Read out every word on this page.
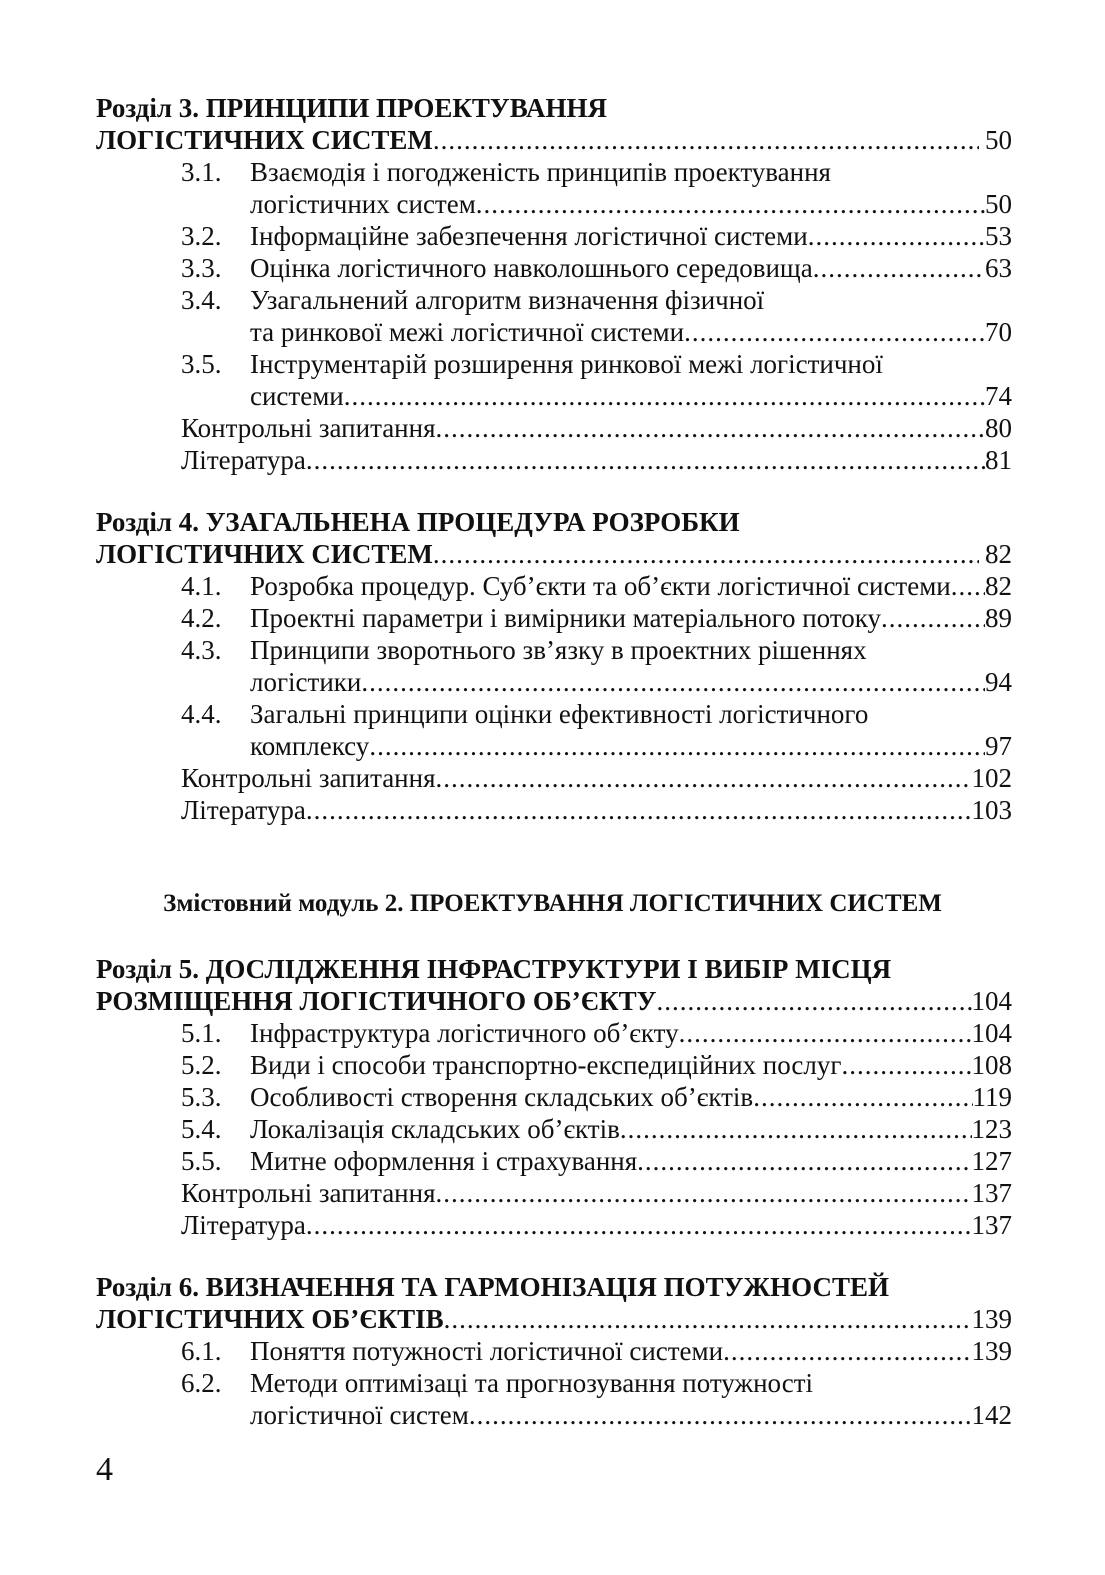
Розділ 3. ПРИНЦИПИ ПРОЕКТУВАННЯ
ЛОГІСТИЧНИХ СИСТЕМ .....	50
3.1. Взаємодія і погодженість принципів проектування
логістичних систем .....	50
3.2. Інформаційне забезпечення логістичної системи .....	53
3.3. Оцінка логістичного навколошнього середовища .....	63
3.4. Узагальнений алгоритм визначення фізичної
та ринкової межі логістичної системи .....	70
3.5. Інструментарій розширення ринкової межі логістичної
системи .....	74
Контрольні запитання .....	80
Література .....	81
Розділ 4. УЗАГАЛЬНЕНА ПРОЦЕДУРА РОЗРОБКИ
ЛОГІСТИЧНИХ СИСТЕМ .....	82
4.1. Розробка процедур. Суб’єкти та об’єкти логістичної системи ..... 82
4.2. Проектні параметри і вимірники матеріального потоку .....	89
4.3. Принципи зворотнього зв’язку в проектних рішеннях
логістики .....	94
4.4. Загальні принципи оцінки ефективності логістичного
комплексу .....	97
Контрольні запитання .....	102
Література .....	103
Змістовний модуль 2. ПРОЕКТУВАННЯ ЛОГІСТИЧНИХ СИСТЕМ
Розділ 5. ДОСЛІДЖЕННЯ ІНФРАСТРУКТУРИ І ВИБІР МІСЦЯ
РОЗМІЩЕННЯ ЛОГІСТИЧНОГО ОБ’ЄКТУ .....	104
5.1. Інфраструктура логістичного об’єкту .....	104
5.2. Види і способи транспортно-експедиційних послуг .....	108
5.3. Особливості створення складських об’єктів .....	119
5.4. Локалізація складських об’єктів .....	123
5.5. Митне оформлення і страхування .....	127
Контрольні запитання .....	137
Література .....	137
Розділ 6. ВИЗНАЧЕННЯ ТА ГАРМОНІЗАЦІЯ ПОТУЖНОСТЕЙ
ЛОГІСТИЧНИХ ОБ’ЄКТІВ .....	139
6.1. Поняття потужності логістичної системи .....	139
6.2. Методи оптимізаці та прогнозування потужності
логістичної систем .....	142
4
